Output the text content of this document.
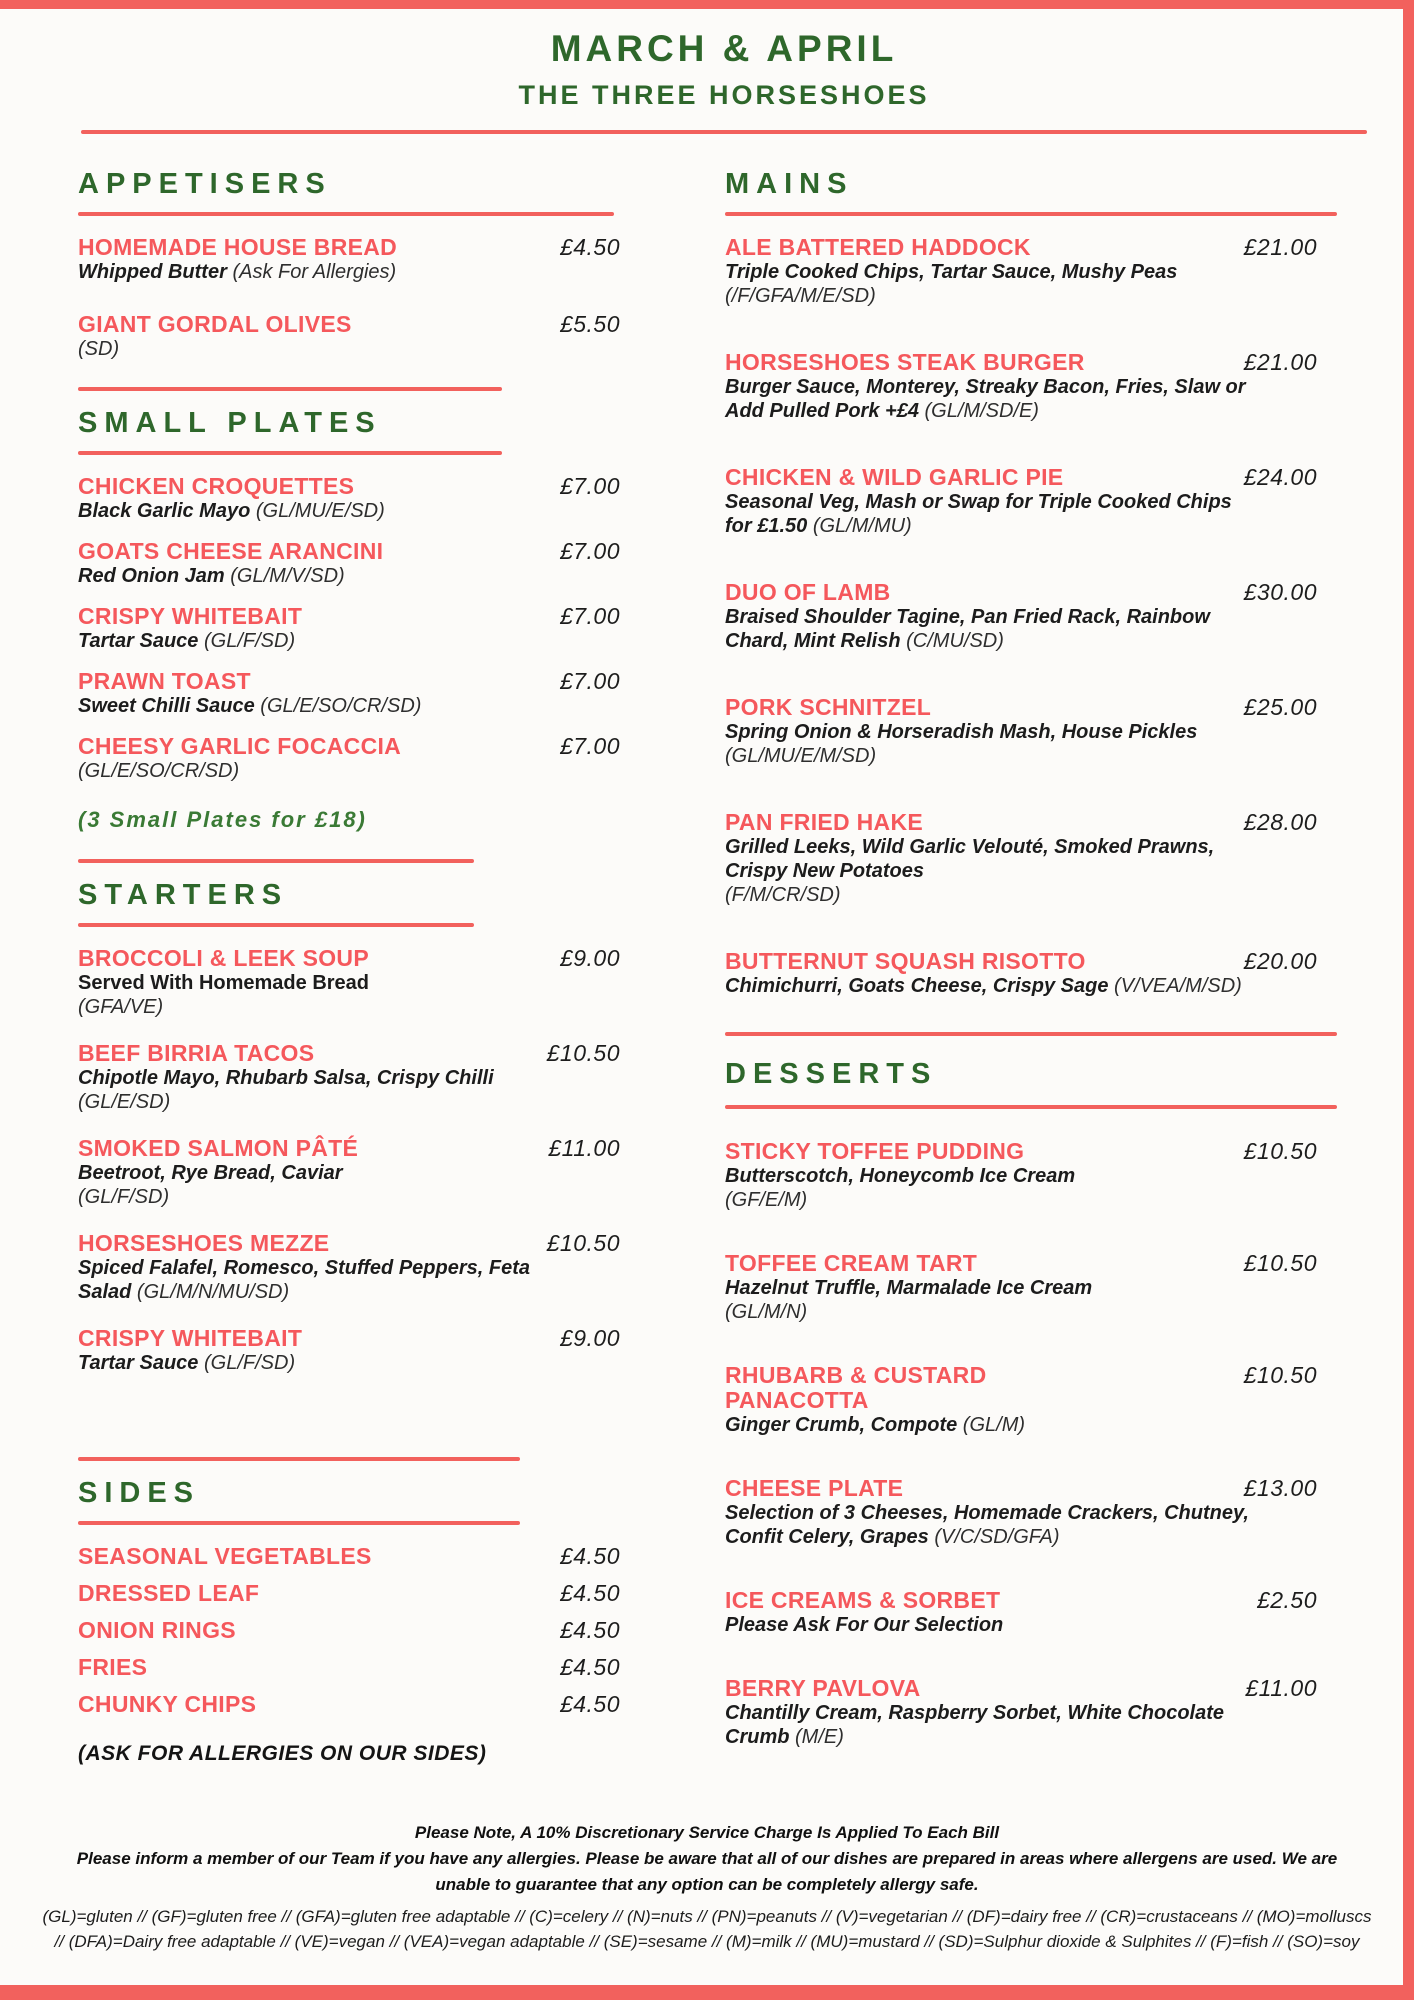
MARCH & APRIL
THE THREE HORSESHOES
APPETISERS
HOMEMADE HOUSE BREAD	£4.50

Whipped Butter (Ask For Allergies)

GIANT GORDAL OLIVES	£5.50

(SD)

SMALL PLATES
CHICKEN CROQUETTES	£7.00

Black Garlic Mayo (GL/MU/E/SD)

GOATS CHEESE ARANCINI	£7.00

Red Onion Jam (GL/M/V/SD)

CRISPY WHITEBAIT	£7.00

Tartar Sauce (GL/F/SD)

PRAWN TOAST	£7.00

Sweet Chilli Sauce (GL/E/SO/CR/SD)

CHEESY GARLIC FOCACCIA	£7.00

(GL/E/SO/CR/SD)

(3 Small Plates for £18)

STARTERS
BROCCOLI & LEEK SOUP	£9.00

Served With Homemade Bread
(GFA/VE)

BEEF BIRRIA TACOS	£10.50

Chipotle Mayo, Rhubarb Salsa, Crispy Chilli
(GL/E/SD)

SMOKED SALMON PÂTÉ	£11.00

Beetroot, Rye Bread, Caviar
(GL/F/SD)

HORSESHOES MEZZE	£10.50

Spiced Falafel, Romesco, Stuffed Peppers, Feta Salad (GL/M/N/MU/SD)

CRISPY WHITEBAIT	£9.00

Tartar Sauce (GL/F/SD)

SIDES
SEASONAL VEGETABLES	£4.50
DRESSED LEAF	£4.50
ONION RINGS	£4.50
FRIES	£4.50
CHUNKY CHIPS	£4.50

(ASK FOR ALLERGIES ON OUR SIDES)

MAINS
ALE BATTERED HADDOCK	£21.00

Triple Cooked Chips, Tartar Sauce, Mushy Peas (/F/GFA/M/E/SD)

HORSESHOES STEAK BURGER	£21.00

Burger Sauce, Monterey, Streaky Bacon, Fries, Slaw or Add Pulled Pork +£4 (GL/M/SD/E)

CHICKEN & WILD GARLIC PIE	£24.00

Seasonal Veg, Mash or Swap for Triple Cooked Chips for £1.50 (GL/M/MU)

DUO OF LAMB	£30.00

Braised Shoulder Tagine, Pan Fried Rack, Rainbow Chard, Mint Relish (C/MU/SD)

PORK SCHNITZEL	£25.00

Spring Onion & Horseradish Mash, House Pickles (GL/MU/E/M/SD)

PAN FRIED HAKE	£28.00

Grilled Leeks, Wild Garlic Velouté, Smoked Prawns, Crispy New Potatoes
(F/M/CR/SD)

BUTTERNUT SQUASH RISOTTO	£20.00

Chimichurri, Goats Cheese, Crispy Sage (V/VEA/M/SD)

DESSERTS
STICKY TOFFEE PUDDING	£10.50

Butterscotch, Honeycomb Ice Cream
(GF/E/M)

TOFFEE CREAM TART	£10.50

Hazelnut Truffle, Marmalade Ice Cream
(GL/M/N)

RHUBARB & CUSTARD PANACOTTA
£10.50

Ginger Crumb, Compote (GL/M)

CHEESE PLATE	£13.00

Selection of 3 Cheeses, Homemade Crackers, Chutney, Confit Celery, Grapes (V/C/SD/GFA)

ICE CREAMS & SORBET	£2.50

Please Ask For Our Selection

BERRY PAVLOVA	£11.00

Chantilly Cream, Raspberry Sorbet, White Chocolate Crumb (M/E)

Please Note, A 10% Discretionary Service Charge Is Applied To Each Bill
Please inform a member of our Team if you have any allergies. Please be aware that all of our dishes are prepared in areas where allergens are used. We are unable to guarantee that any option can be completely allergy safe.
(GL)=gluten // (GF)=gluten free // (GFA)=gluten free adaptable // (C)=celery // (N)=nuts // (PN)=peanuts // (V)=vegetarian // (DF)=dairy free // (CR)=crustaceans // (MO)=molluscs // (DFA)=Dairy free adaptable // (VE)=vegan // (VEA)=vegan adaptable // (SE)=sesame // (M)=milk // (MU)=mustard // (SD)=Sulphur dioxide & Sulphites // (F)=fish // (SO)=soy
